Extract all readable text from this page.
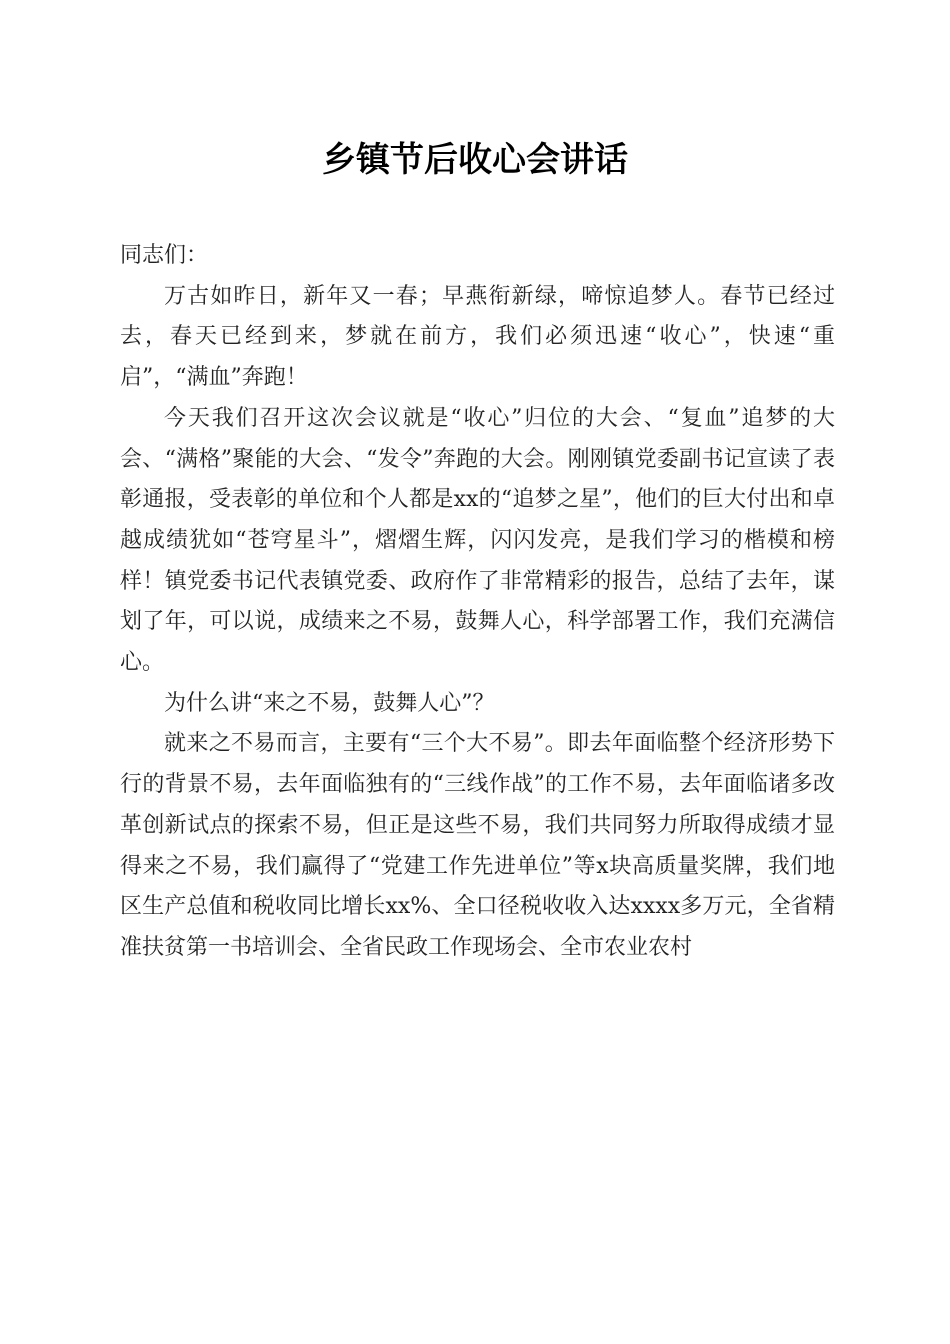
乡镇节后收心会讲话

同志们：

万古如昨日，新年又一春；早燕衔新绿，啼惊追梦人。春节已经过去，春天已经到来，梦就在前方，我们必须迅速“收心”，快速“重启”，“满血”奔跑！

今天我们召开这次会议就是“收心”归位的大会、“复血”追梦的大会、“满格”聚能的大会、“发令”奔跑的大会。刚刚镇党委副书记宣读了表彰通报，受表彰的单位和个人都是xx的“追梦之星”，他们的巨大付出和卓越成绩犹如“苍穹星斗”，熠熠生辉，闪闪发亮，是我们学习的楷模和榜样！镇党委书记代表镇党委、政府作了非常精彩的报告，总结了去年，谋划了年，可以说，成绩来之不易，鼓舞人心，科学部署工作，我们充满信心。

为什么讲“来之不易，鼓舞人心”？

就来之不易而言，主要有“三个大不易”。即去年面临整个经济形势下行的背景不易，去年面临独有的“三线作战”的工作不易，去年面临诸多改革创新试点的探索不易，但正是这些不易，我们共同努力所取得成绩才显得来之不易，我们赢得了“党建工作先进单位”等x块高质量奖牌，我们地区生产总值和税收同比增长xx%、全口径税收收入达xxxx多万元，全省精准扶贫第一书培训会、全省民政工作现场会、全市农业农村
